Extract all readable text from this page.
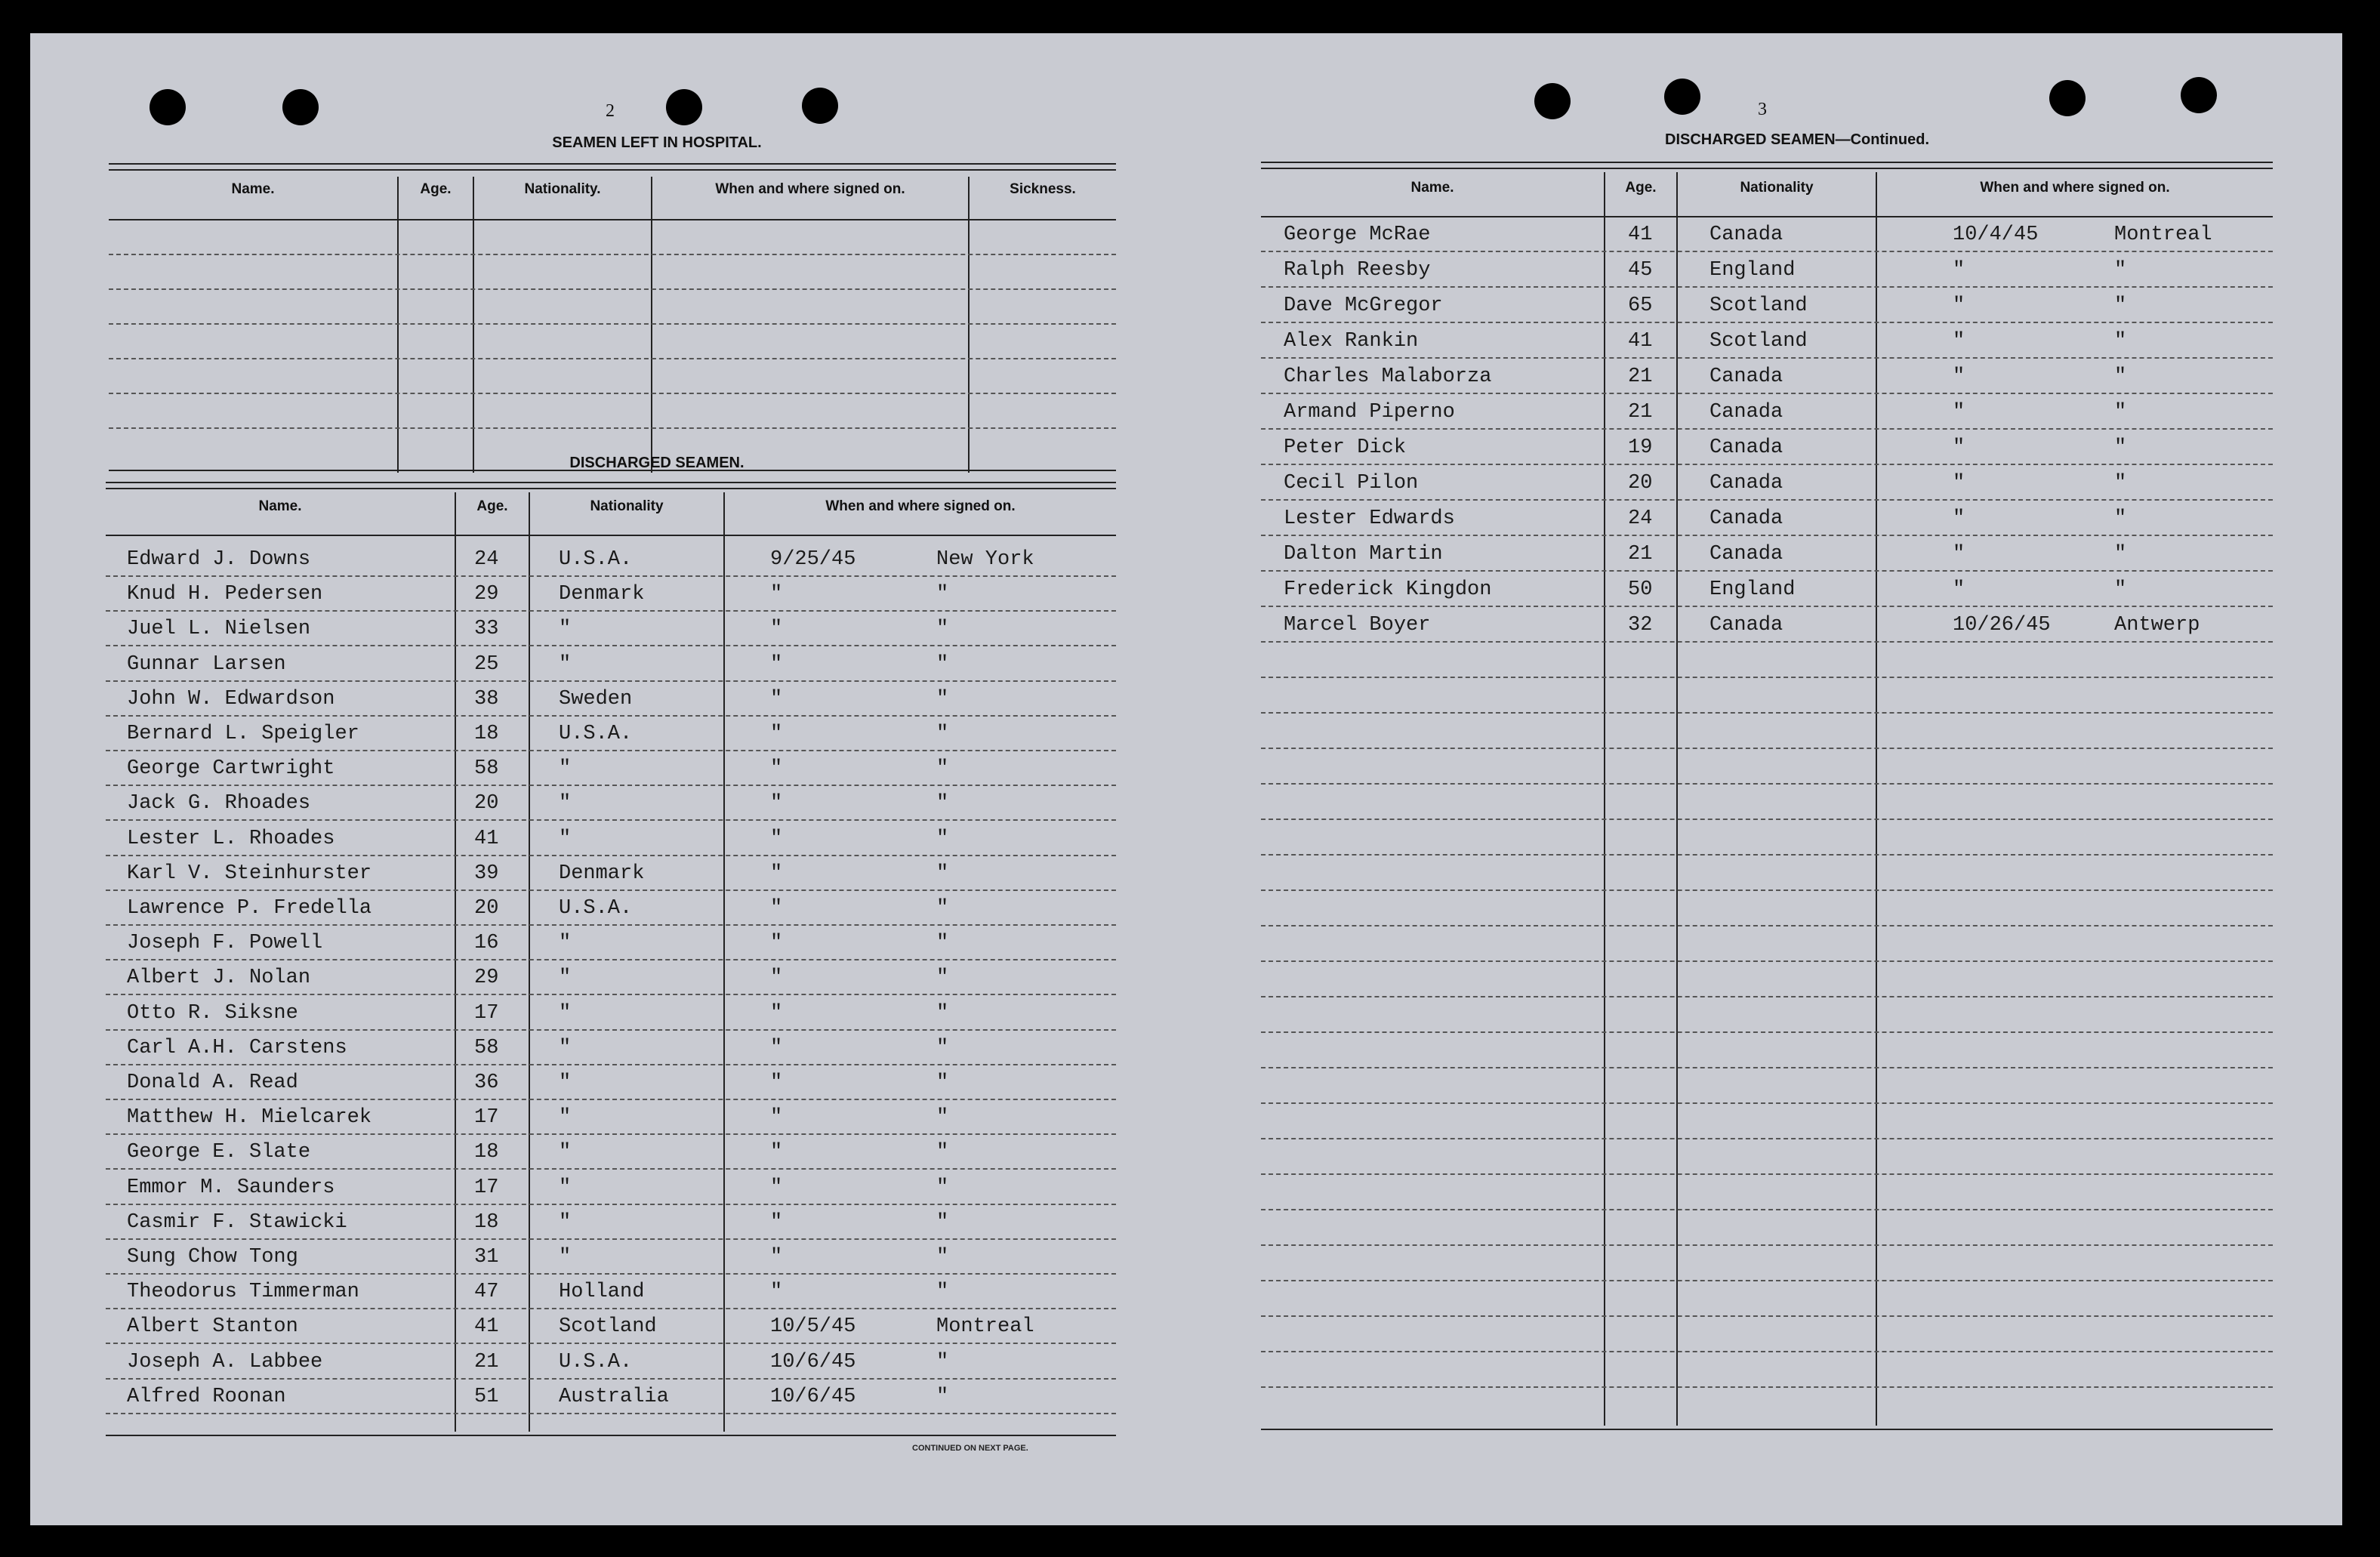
2
SEAMEN LEFT IN HOSPITAL.
DISCHARGED SEAMEN.
CONTINUED ON NEXT PAGE.
3
DISCHARGED SEAMEN—Continued.
Name.	Age.	Nationality.	When and where signed on.	Sickness.
Name.	Age.	Nationality	When and where signed on.
Name.	Age.	Nationality	When and where signed on.
Edward J. Downs	24	U.S.A.	9/25/45	New York
Knud H. Pedersen	29	Denmark	"	"
Juel L. Nielsen	33	"	"	"
Gunnar Larsen	25	"	"	"
John W. Edwardson	38	Sweden	"	"
Bernard L. Speigler	18	U.S.A.	"	"
George Cartwright	58	"	"	"
Jack G. Rhoades	20	"	"	"
Lester L. Rhoades	41	"	"	"
Karl V. Steinhurster	39	Denmark	"	"
Lawrence P. Fredella	20	U.S.A.	"	"
Joseph F. Powell	16	"	"	"
Albert J. Nolan	29	"	"	"
Otto R. Siksne	17	"	"	"
Carl A.H. Carstens	58	"	"	"
Donald A. Read	36	"	"	"
Matthew H. Mielcarek	17	"	"	"
George E. Slate	18	"	"	"
Emmor M. Saunders	17	"	"	"
Casmir F. Stawicki	18	"	"	"
Sung Chow Tong	31	"	"	"
Theodorus Timmerman	47	Holland	"	"
Albert Stanton	41	Scotland	10/5/45	Montreal
Joseph A. Labbee	21	U.S.A.	10/6/45	"
Alfred Roonan	51	Australia	10/6/45	"
George McRae	41	Canada	10/4/45	Montreal
Ralph Reesby	45	England	"	"
Dave McGregor	65	Scotland	"	"
Alex Rankin	41	Scotland	"	"
Charles Malaborza	21	Canada	"	"
Armand Piperno	21	Canada	"	"
Peter Dick	19	Canada	"	"
Cecil Pilon	20	Canada	"	"
Lester Edwards	24	Canada	"	"
Dalton Martin	21	Canada	"	"
Frederick Kingdon	50	England	"	"
Marcel Boyer	32	Canada	10/26/45	Antwerp
